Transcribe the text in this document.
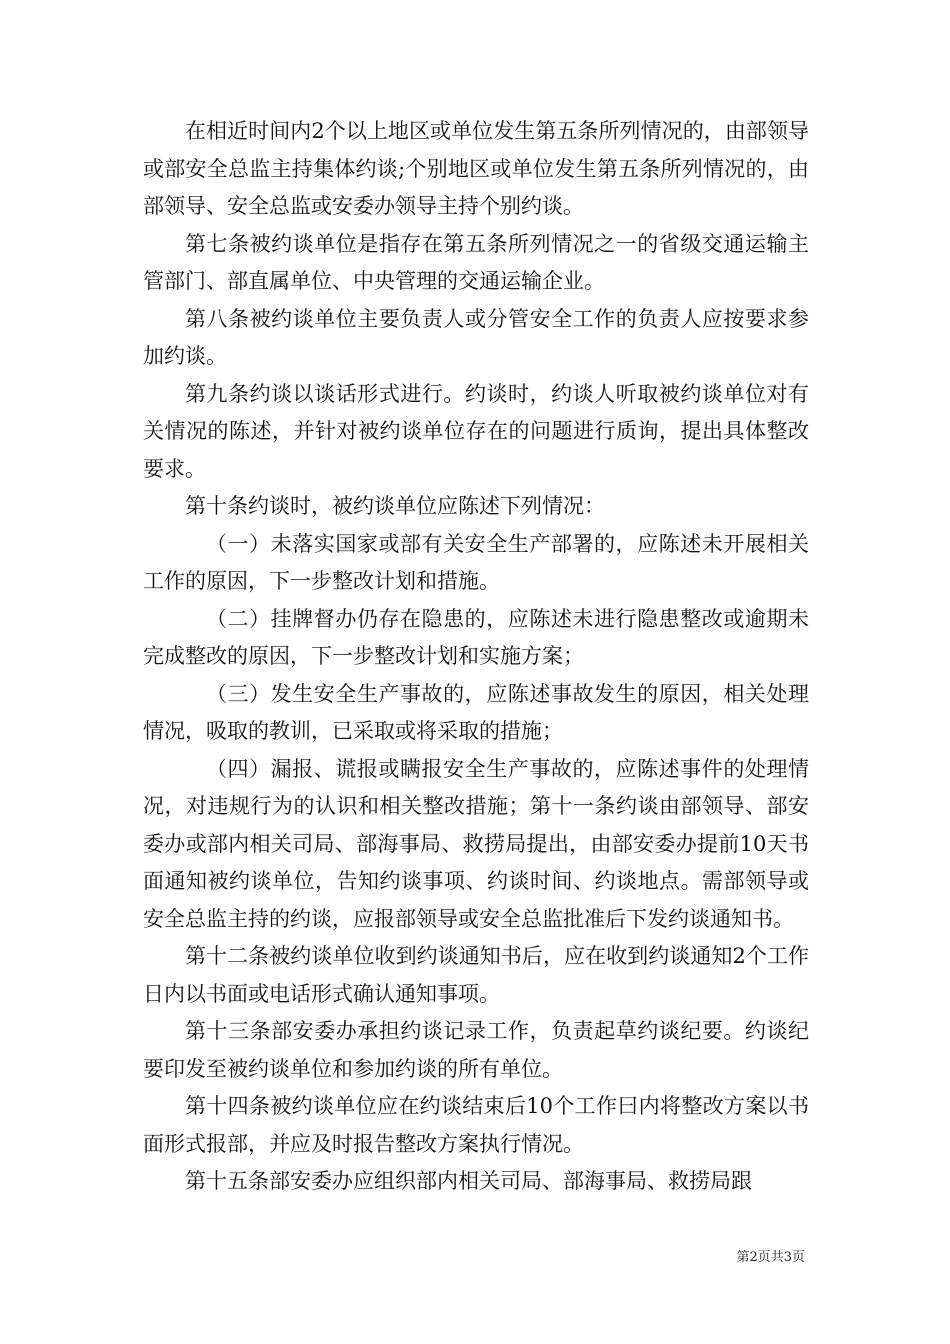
在相近时间内2个以上地区或单位发生第五条所列情况的，由部领导或部安全总监主持集体约谈;个别地区或单位发生第五条所列情况的，由部领导、安全总监或安委办领导主持个别约谈。

第七条被约谈单位是指存在第五条所列情况之一的省级交通运输主管部门、部直属单位、中央管理的交通运输企业。

第八条被约谈单位主要负责人或分管安全工作的负责人应按要求参加约谈。

第九条约谈以谈话形式进行。约谈时，约谈人听取被约谈单位对有关情况的陈述，并针对被约谈单位存在的问题进行质询，提出具体整改要求。

第十条约谈时，被约谈单位应陈述下列情况：

（一）未落实国家或部有关安全生产部署的，应陈述未开展相关工作的原因，下一步整改计划和措施。

（二）挂牌督办仍存在隐患的，应陈述未进行隐患整改或逾期未完成整改的原因，下一步整改计划和实施方案；

（三）发生安全生产事故的，应陈述事故发生的原因，相关处理情况，吸取的教训，已采取或将采取的措施；

（四）漏报、谎报或瞒报安全生产事故的，应陈述事件的处理情况，对违规行为的认识和相关整改措施；第十一条约谈由部领导、部安委办或部内相关司局、部海事局、救捞局提出，由部安委办提前10天书面通知被约谈单位，告知约谈事项、约谈时间、约谈地点。需部领导或安全总监主持的约谈，应报部领导或安全总监批准后下发约谈通知书。

第十二条被约谈单位收到约谈通知书后，应在收到约谈通知2个工作日内以书面或电话形式确认通知事项。

第十三条部安委办承担约谈记录工作，负责起草约谈纪要。约谈纪要印发至被约谈单位和参加约谈的所有单位。

第十四条被约谈单位应在约谈结束后10个工作曰内将整改方案以书面形式报部，并应及时报告整改方案执行情况。

第十五条部安委办应组织部内相关司局、部海事局、救捞局跟

第2页共3页
